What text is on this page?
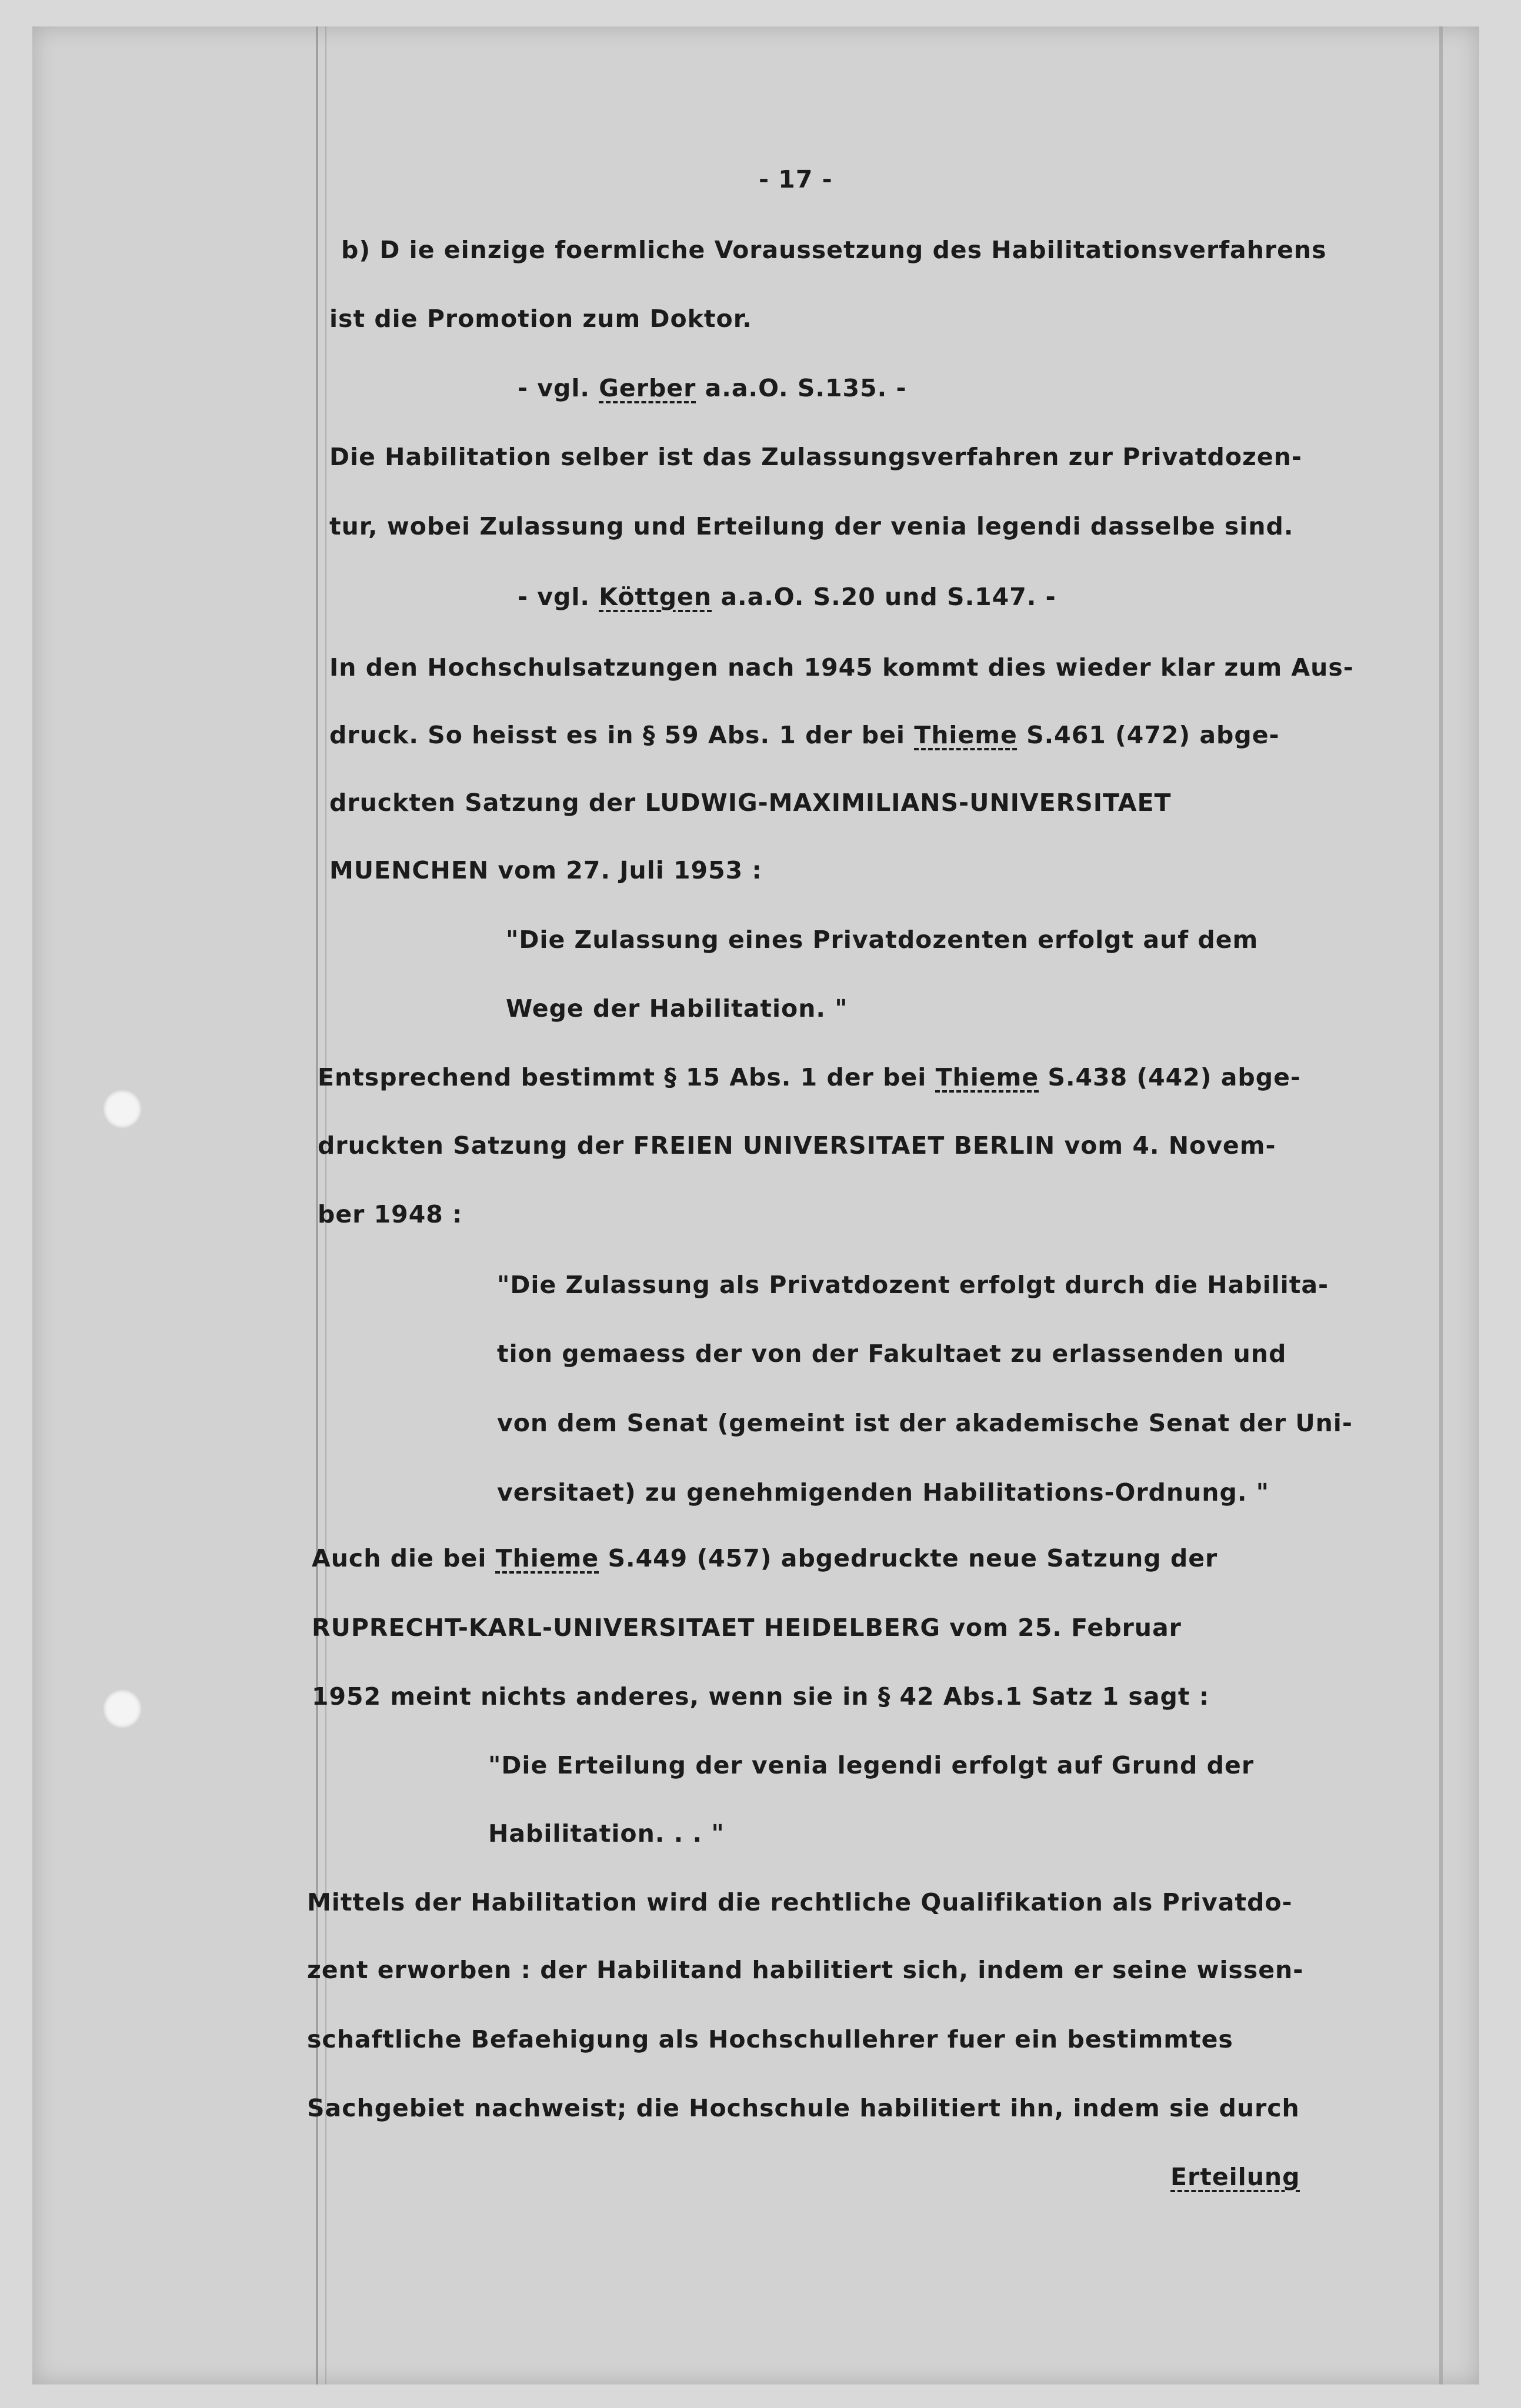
- 17 -

b) D ie einzige foermliche Voraussetzung des Habilitationsverfahrens

ist die Promotion zum Doktor.

- vgl. Gerber a.a.O. S.135. -

Die Habilitation selber ist das Zulassungsverfahren zur Privatdozen-

tur, wobei Zulassung und Erteilung der venia legendi dasselbe sind.

- vgl. Köttgen a.a.O. S.20 und S.147. -

In den Hochschulsatzungen nach 1945 kommt dies wieder klar zum Aus-

druck. So heisst es in § 59 Abs. 1 der bei Thieme S.461 (472) abge-

druckten Satzung der LUDWIG-MAXIMILIANS-UNIVERSITAET

MUENCHEN vom 27. Juli 1953 :

"Die Zulassung eines Privatdozenten erfolgt auf dem

Wege der Habilitation. "

Entsprechend bestimmt § 15 Abs. 1 der bei Thieme S.438 (442) abge-

druckten Satzung der FREIEN UNIVERSITAET BERLIN vom 4. Novem-

ber 1948 :

"Die Zulassung als Privatdozent erfolgt durch die Habilita-

tion gemaess der von der Fakultaet zu erlassenden und

von dem Senat (gemeint ist der akademische Senat der Uni-

versitaet) zu genehmigenden Habilitations-Ordnung. "

Auch die bei Thieme S.449 (457) abgedruckte neue Satzung der

RUPRECHT-KARL-UNIVERSITAET HEIDELBERG vom 25. Februar

1952 meint nichts anderes, wenn sie in § 42 Abs.1 Satz 1 sagt :

"Die Erteilung der venia legendi erfolgt auf Grund der

Habilitation. . . "

Mittels der Habilitation wird die rechtliche Qualifikation als Privatdo-

zent erworben : der Habilitand habilitiert sich, indem er seine wissen-

schaftliche Befaehigung als Hochschullehrer fuer ein bestimmtes

Sachgebiet nachweist; die Hochschule habilitiert ihn, indem sie durch

Erteilung
